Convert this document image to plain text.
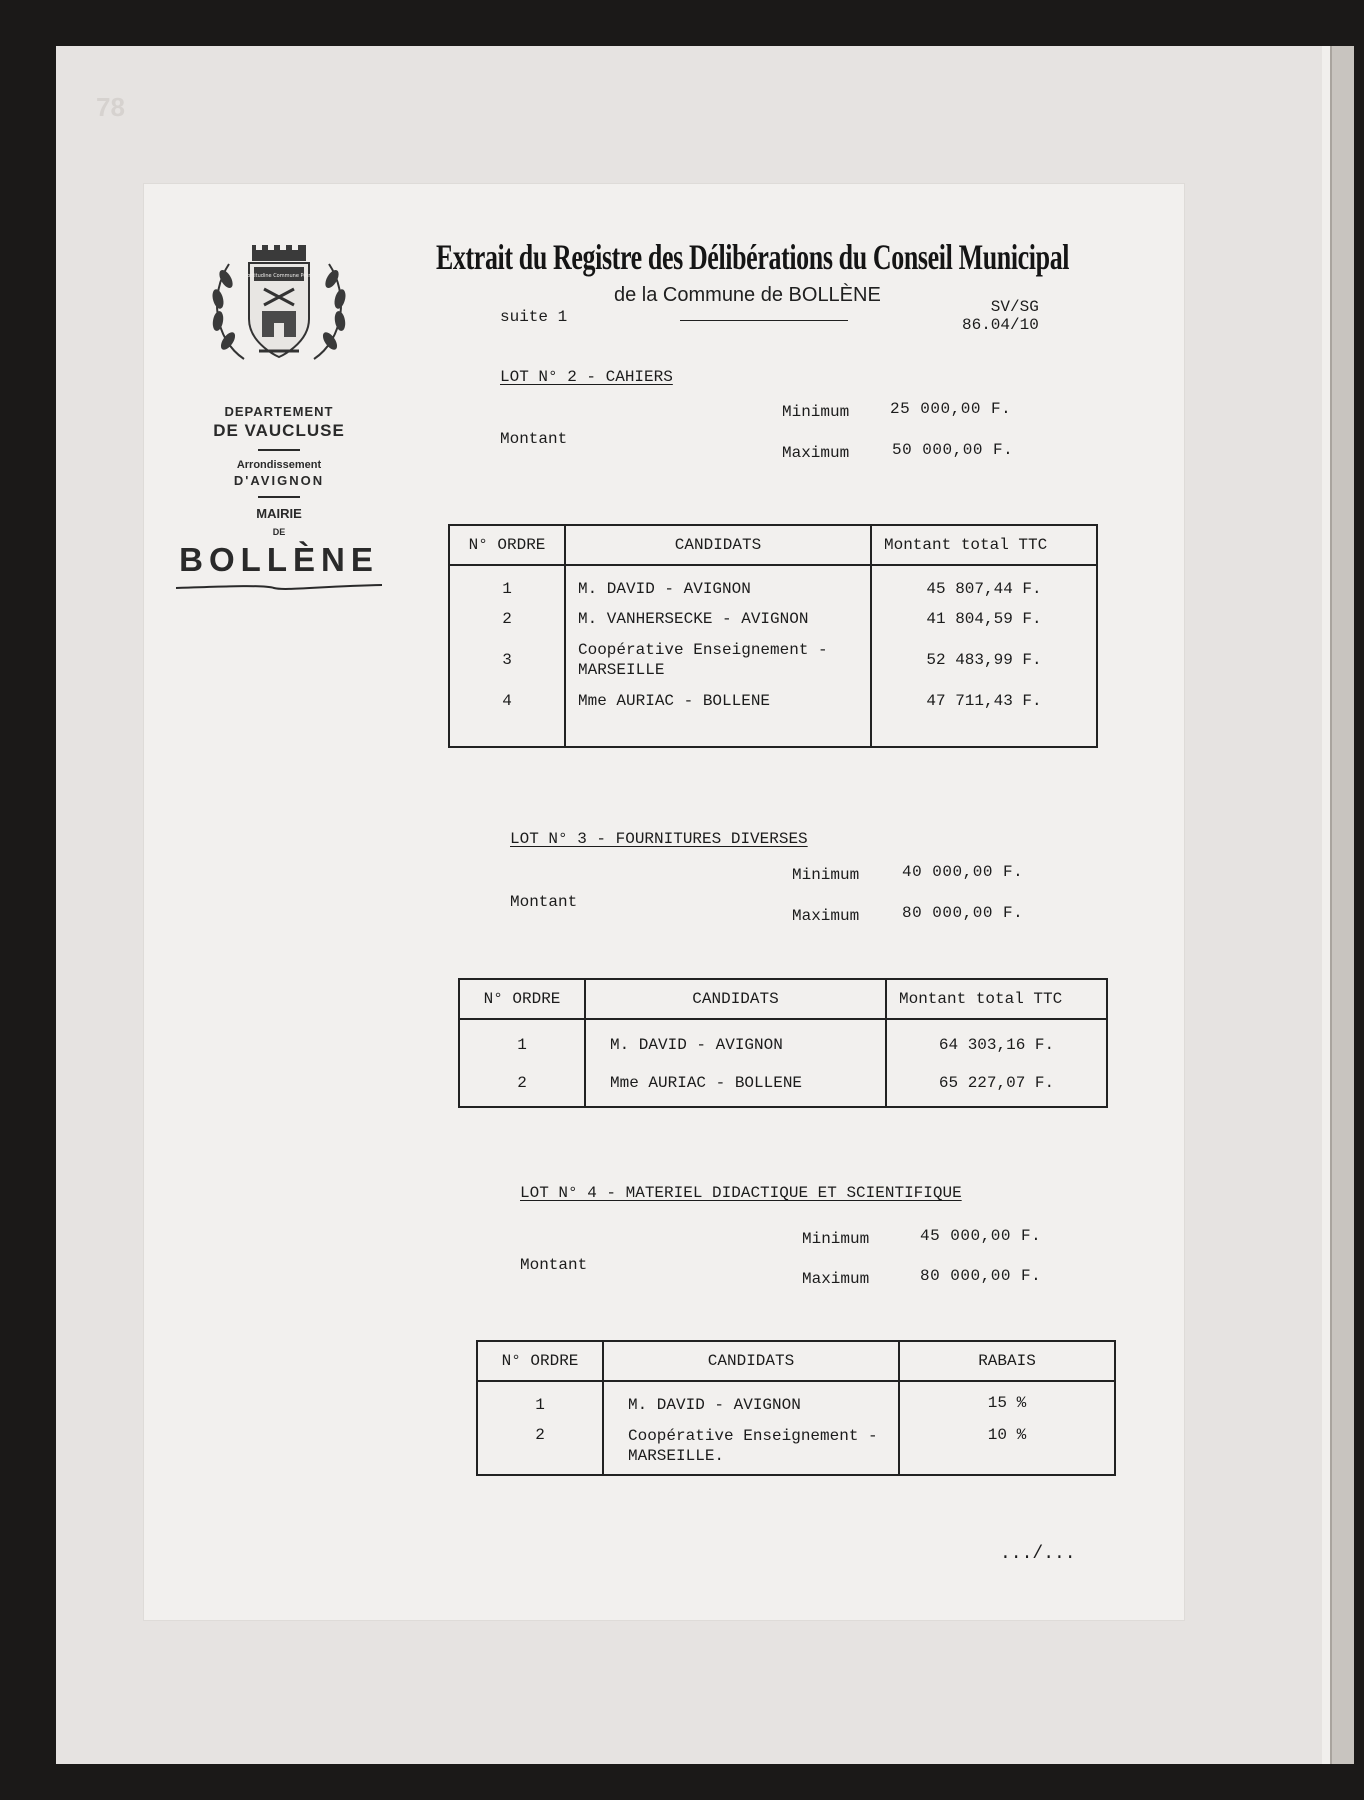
78
Fortitudine Commune Petra
DEPARTEMENT
DE VAUCLUSE
Arrondissement
D'AVIGNON
MAIRIE
DE
BOLLÈNE
Extrait du Registre des Délibérations du Conseil Municipal
de la Commune de BOLLÈNE
suite 1
SV/SG
86.04/10
LOT N° 2 - CAHIERS
Minimum	25 000,00 F.
Montant
Maximum	50 000,00 F.
N° ORDRE	CANDIDATS	Montant total TTC
1	M. DAVID - AVIGNON	45 807,44 F.
2	M. VANHERSECKE - AVIGNON	41 804,59 F.
3	Coopérative Enseignement - MARSEILLE	52 483,99 F.
4	Mme AURIAC - BOLLENE	47 711,43 F.
LOT N° 3 - FOURNITURES DIVERSES
Minimum	40 000,00 F.
Montant
Maximum	80 000,00 F.
N° ORDRE	CANDIDATS	Montant total TTC
1	M. DAVID - AVIGNON	64 303,16 F.
2	Mme AURIAC - BOLLENE	65 227,07 F.
LOT N° 4 - MATERIEL DIDACTIQUE ET SCIENTIFIQUE
Minimum	45 000,00 F.
Montant
Maximum	80 000,00 F.
N° ORDRE	CANDIDATS	RABAIS
1	M. DAVID - AVIGNON	15 %
2	Coopérative Enseignement - MARSEILLE.	10 %
.../...
